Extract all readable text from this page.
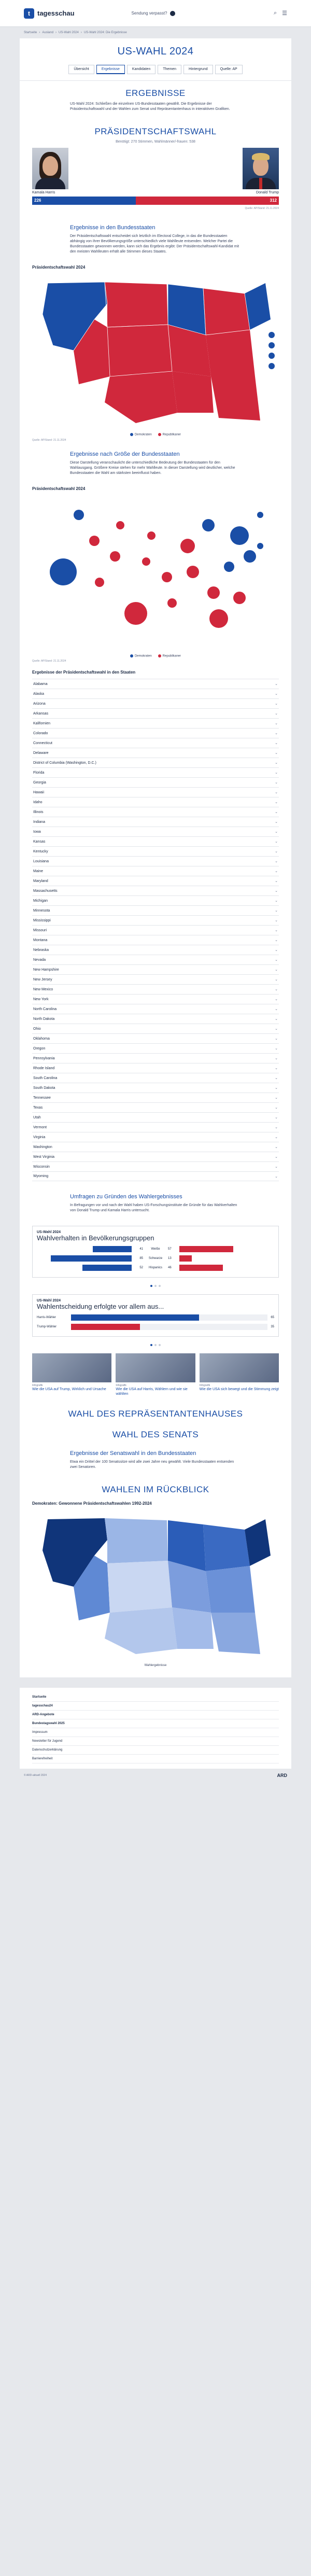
t	tagesschau	Sendung verpasst?	⌕ ☰
Startseite › Ausland › US-Wahl 2024 › US-Wahl 2024: Die Ergebnisse
US-WAHL 2024
Übersicht	Ergebnisse	Kandidaten	Themen	Hintergrund	Quelle: AP
ERGEBNISSE

US-Wahl 2024: Schließen die einzelnen US-Bundesstaaten gewählt. Die Ergebnisse der Präsidentschaftswahl und der Wahlen zum Senat und Repräsentantenhaus in interaktiven Grafiken.

PRÄSIDENTSCHAFTSWAHL
Benötigt: 270 Stimmen, Wahlmänner/-frauen: 538
Kamala Harris	Donald Trump
226	312
Quelle: AP/Stand: 21.11.2024
Ergebnisse in den Bundesstaaten

Der Präsidentschaftswahl entscheidet sich letztlich im Electoral College, in das die Bundesstaaten abhängig von ihrer Bevölkerungsgröße unterschiedlich viele Wahlleute entsenden. Welcher Partei die Bundesstaaten gewonnen werden, kann sich das Ergebnis ergibt: Der Präsidentschaftswahl-Kandidat mit den meisten Wahlleuten erhält alle Stimmen dieses Staates.

Präsidentschaftswahl 2024
Demokraten	Republikaner
Quelle: AP/Stand: 21.11.2024
Ergebnisse nach Größe der Bundesstaaten

Diese Darstellung veranschaulicht die unterschiedliche Bedeutung der Bundesstaaten für den Wahlausgang. Größere Kreise stehen für mehr Wahlleute. In dieser Darstellung wird deutlicher, welche Bundesstaaten die Wahl am stärksten beeinflusst haben.

Präsidentschaftswahl 2024
Demokraten	Republikaner
Quelle: AP/Stand: 21.11.2024
Ergebnisse der Präsidentschaftswahl in den Staaten
Alabama	⌄
Alaska	⌄
Arizona	⌄
Arkansas	⌄
Kalifornien	⌄
Colorado	⌄
Connecticut	⌄
Delaware	⌄
District of Columbia (Washington, D.C.)	⌄
Florida	⌄
Georgia	⌄
Hawaii	⌄
Idaho	⌄
Illinois	⌄
Indiana	⌄
Iowa	⌄
Kansas	⌄
Kentucky	⌄
Louisiana	⌄
Maine	⌄
Maryland	⌄
Massachusetts	⌄
Michigan	⌄
Minnesota	⌄
Mississippi	⌄
Missouri	⌄
Montana	⌄
Nebraska	⌄
Nevada	⌄
New Hampshire	⌄
New Jersey	⌄
New Mexico	⌄
New York	⌄
North Carolina	⌄
North Dakota	⌄
Ohio	⌄
Oklahoma	⌄
Oregon	⌄
Pennsylvania	⌄
Rhode Island	⌄
South Carolina	⌄
South Dakota	⌄
Tennessee	⌄
Texas	⌄
Utah	⌄
Vermont	⌄
Virginia	⌄
Washington	⌄
West Virginia	⌄
Wisconsin	⌄
Wyoming	⌄
Umfragen zu Gründen des Wahlergebnisses

In Befragungen vor und nach der Wahl haben US-Forschungsinstitute die Gründe für das Wahlverhalten von Donald Trump und Kamala Harris untersucht.

US-Wahl 2024
Wahlverhalten in Bevölkerungsgruppen
41	Weiße	57
85	Schwarze	13
52	Hispanics	46
US-Wahl 2024
Wahlentscheidung erfolgte vor allem aus...
Harris-Wähler	65
Trump-Wähler	35
Infografik
Wie die USA auf Trump, Wirklich und Ursache
Infografik
Wie die USA auf Harris, Wählern und wie sie wählten
Infografik
Wie die USA sich bewegt und die Stimmung zeigt
WAHL DES REPRÄSENTANTENHAUSES
WAHL DES SENATS
Ergebnisse der Senatswahl in den Bundesstaaten

Etwa ein Drittel der 100 Senatssitze wird alle zwei Jahre neu gewählt. Viele Bundesstaaten entsenden zwei Senatoren.

WAHLEN IM RÜCKBLICK
Demokraten: Gewonnene Präsidentschaftswahlen 1992-2024
Wahlergebnisse
Startseite
tagesschau24
ARD-Angebote
Bundestagswahl 2025
Impressum
Newsletter für Jugend
Datenschutzerklärung
Barrierefreiheit
© ARD-aktuell 2024	ARD
